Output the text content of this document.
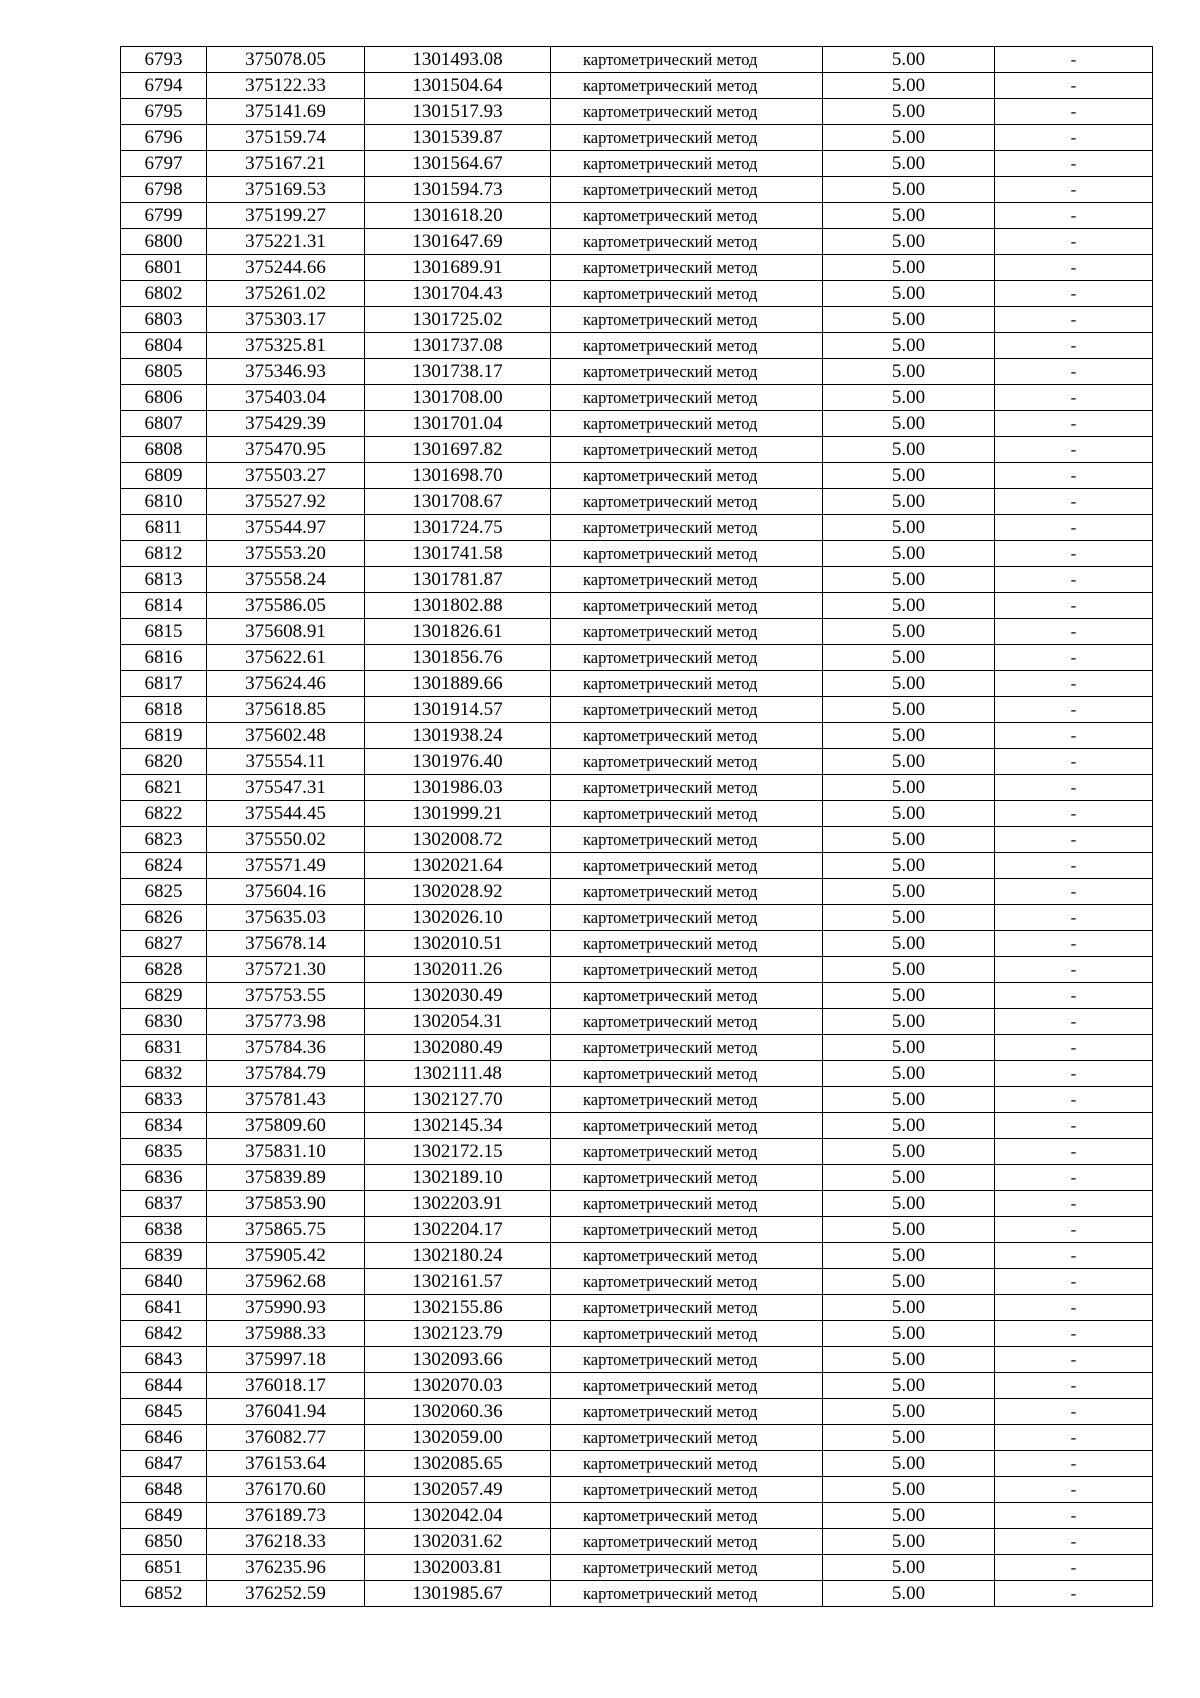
6793	375078.05	1301493.08	картометрический метод	5.00	-
6794	375122.33	1301504.64	картометрический метод	5.00	-
6795	375141.69	1301517.93	картометрический метод	5.00	-
6796	375159.74	1301539.87	картометрический метод	5.00	-
6797	375167.21	1301564.67	картометрический метод	5.00	-
6798	375169.53	1301594.73	картометрический метод	5.00	-
6799	375199.27	1301618.20	картометрический метод	5.00	-
6800	375221.31	1301647.69	картометрический метод	5.00	-
6801	375244.66	1301689.91	картометрический метод	5.00	-
6802	375261.02	1301704.43	картометрический метод	5.00	-
6803	375303.17	1301725.02	картометрический метод	5.00	-
6804	375325.81	1301737.08	картометрический метод	5.00	-
6805	375346.93	1301738.17	картометрический метод	5.00	-
6806	375403.04	1301708.00	картометрический метод	5.00	-
6807	375429.39	1301701.04	картометрический метод	5.00	-
6808	375470.95	1301697.82	картометрический метод	5.00	-
6809	375503.27	1301698.70	картометрический метод	5.00	-
6810	375527.92	1301708.67	картометрический метод	5.00	-
6811	375544.97	1301724.75	картометрический метод	5.00	-
6812	375553.20	1301741.58	картометрический метод	5.00	-
6813	375558.24	1301781.87	картометрический метод	5.00	-
6814	375586.05	1301802.88	картометрический метод	5.00	-
6815	375608.91	1301826.61	картометрический метод	5.00	-
6816	375622.61	1301856.76	картометрический метод	5.00	-
6817	375624.46	1301889.66	картометрический метод	5.00	-
6818	375618.85	1301914.57	картометрический метод	5.00	-
6819	375602.48	1301938.24	картометрический метод	5.00	-
6820	375554.11	1301976.40	картометрический метод	5.00	-
6821	375547.31	1301986.03	картометрический метод	5.00	-
6822	375544.45	1301999.21	картометрический метод	5.00	-
6823	375550.02	1302008.72	картометрический метод	5.00	-
6824	375571.49	1302021.64	картометрический метод	5.00	-
6825	375604.16	1302028.92	картометрический метод	5.00	-
6826	375635.03	1302026.10	картометрический метод	5.00	-
6827	375678.14	1302010.51	картометрический метод	5.00	-
6828	375721.30	1302011.26	картометрический метод	5.00	-
6829	375753.55	1302030.49	картометрический метод	5.00	-
6830	375773.98	1302054.31	картометрический метод	5.00	-
6831	375784.36	1302080.49	картометрический метод	5.00	-
6832	375784.79	1302111.48	картометрический метод	5.00	-
6833	375781.43	1302127.70	картометрический метод	5.00	-
6834	375809.60	1302145.34	картометрический метод	5.00	-
6835	375831.10	1302172.15	картометрический метод	5.00	-
6836	375839.89	1302189.10	картометрический метод	5.00	-
6837	375853.90	1302203.91	картометрический метод	5.00	-
6838	375865.75	1302204.17	картометрический метод	5.00	-
6839	375905.42	1302180.24	картометрический метод	5.00	-
6840	375962.68	1302161.57	картометрический метод	5.00	-
6841	375990.93	1302155.86	картометрический метод	5.00	-
6842	375988.33	1302123.79	картометрический метод	5.00	-
6843	375997.18	1302093.66	картометрический метод	5.00	-
6844	376018.17	1302070.03	картометрический метод	5.00	-
6845	376041.94	1302060.36	картометрический метод	5.00	-
6846	376082.77	1302059.00	картометрический метод	5.00	-
6847	376153.64	1302085.65	картометрический метод	5.00	-
6848	376170.60	1302057.49	картометрический метод	5.00	-
6849	376189.73	1302042.04	картометрический метод	5.00	-
6850	376218.33	1302031.62	картометрический метод	5.00	-
6851	376235.96	1302003.81	картометрический метод	5.00	-
6852	376252.59	1301985.67	картометрический метод	5.00	-
